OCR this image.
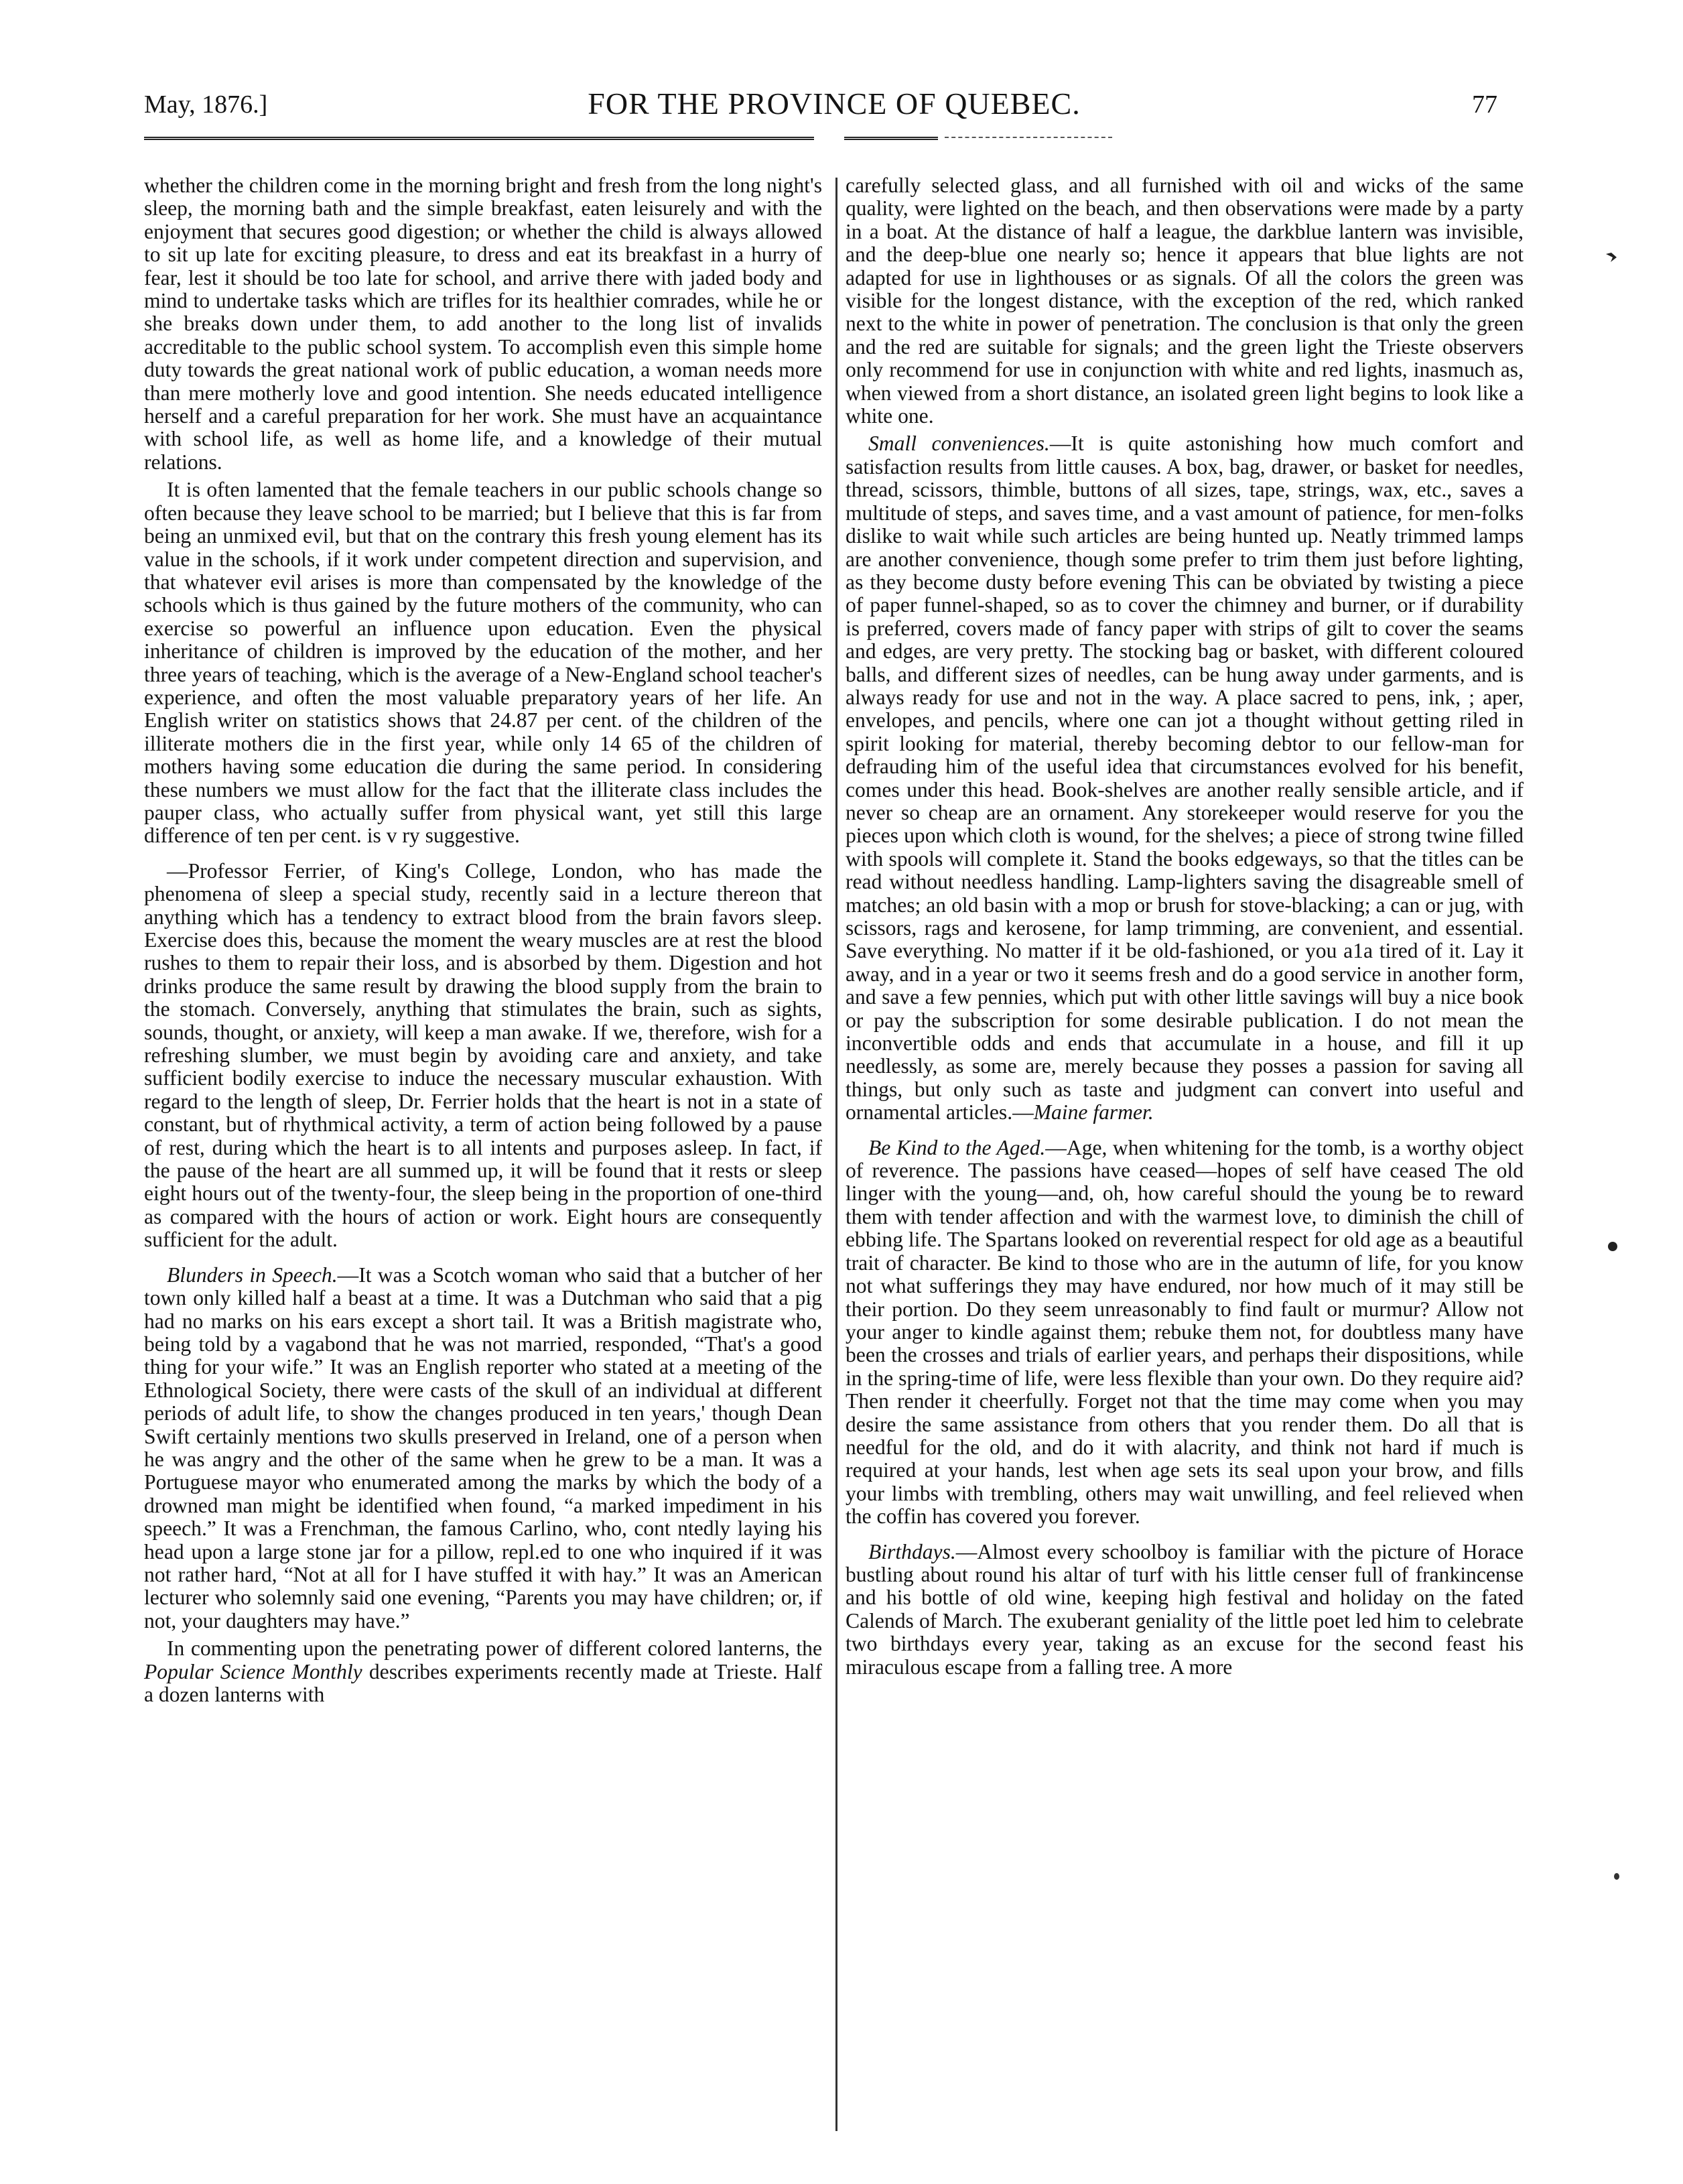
May, 1876.]	FOR THE PROVINCE OF QUEBEC.	77

whether the children come in the morning bright and fresh from the long night's sleep, the morning bath and the simple breakfast, eaten leisurely and with the enjoyment that secures good digestion; or whether the child is always allowed to sit up late for exciting pleasure, to dress and eat its breakfast in a hurry of fear, lest it should be too late for school, and arrive there with jaded body and mind to undertake tasks which are trifles for its healthier comrades, while he or she breaks down under them, to add another to the long list of invalids accreditable to the public school system. To accomplish even this simple home duty towards the great national work of public education, a woman needs more than mere motherly love and good intention. She needs educated intelligence herself and a careful preparation for her work. She must have an acquaintance with school life, as well as home life, and a knowledge of their mutual relations.

It is often lamented that the female teachers in our public schools change so often because they leave school to be married; but I believe that this is far from being an unmixed evil, but that on the contrary this fresh young element has its value in the schools, if it work under competent direction and supervision, and that whatever evil arises is more than compensated by the knowledge of the schools which is thus gained by the future mothers of the community, who can exercise so powerful an influence upon education. Even the physical inheritance of children is improved by the education of the mother, and her three years of teaching, which is the average of a New-England school teacher's experience, and often the most valuable preparatory years of her life. An English writer on statistics shows that 24.87 per cent. of the children of the illiterate mothers die in the first year, while only 14 65 of the children of mothers having some education die during the same period. In considering these numbers we must allow for the fact that the illiterate class includes the pauper class, who actually suffer from physical want, yet still this large difference of ten per cent. is v ry suggestive.

—Professor Ferrier, of King's College, London, who has made the phenomena of sleep a special study, recently said in a lecture thereon that anything which has a tendency to extract blood from the brain favors sleep. Exercise does this, because the moment the weary muscles are at rest the blood rushes to them to repair their loss, and is absorbed by them. Digestion and hot drinks produce the same result by drawing the blood supply from the brain to the stomach. Conversely, anything that stimulates the brain, such as sights, sounds, thought, or anxiety, will keep a man awake. If we, therefore, wish for a refreshing slumber, we must begin by avoiding care and anxiety, and take sufficient bodily exercise to induce the necessary muscular exhaustion. With regard to the length of sleep, Dr. Ferrier holds that the heart is not in a state of constant, but of rhythmical activity, a term of action being followed by a pause of rest, during which the heart is to all intents and purposes asleep. In fact, if the pause of the heart are all summed up, it will be found that it rests or sleep eight hours out of the twenty-four, the sleep being in the proportion of one-third as compared with the hours of action or work. Eight hours are consequently sufficient for the adult.

Blunders in Speech.—It was a Scotch woman who said that a butcher of her town only killed half a beast at a time. It was a Dutchman who said that a pig had no marks on his ears except a short tail. It was a British magistrate who, being told by a vagabond that he was not married, responded, “That's a good thing for your wife.” It was an English reporter who stated at a meeting of the Ethnological Society, there were casts of the skull of an individual at different periods of adult life, to show the changes produced in ten years,' though Dean Swift certainly mentions two skulls preserved in Ireland, one of a person when he was angry and the other of the same when he grew to be a man. It was a Portuguese mayor who enumerated among the marks by which the body of a drowned man might be identified when found, “a marked impediment in his speech.” It was a Frenchman, the famous Carlino, who, cont ntedly laying his head upon a large stone jar for a pillow, repl.ed to one who inquired if it was not rather hard, “Not at all for I have stuffed it with hay.” It was an American lecturer who solemnly said one evening, “Parents you may have children; or, if not, your daughters may have.”

In commenting upon the penetrating power of different colored lanterns, the Popular Science Monthly describes experiments recently made at Trieste. Half a dozen lanterns with

carefully selected glass, and all furnished with oil and wicks of the same quality, were lighted on the beach, and then observations were made by a party in a boat. At the distance of half a league, the darkblue lantern was invisible, and the deep-blue one nearly so; hence it appears that blue lights are not adapted for use in lighthouses or as signals. Of all the colors the green was visible for the longest distance, with the exception of the red, which ranked next to the white in power of penetration. The conclusion is that only the green and the red are suitable for signals; and the green light the Trieste observers only recommend for use in conjunction with white and red lights, inasmuch as, when viewed from a short distance, an isolated green light begins to look like a white one.

Small conveniences.—It is quite astonishing how much comfort and satisfaction results from little causes. A box, bag, drawer, or basket for needles, thread, scissors, thimble, buttons of all sizes, tape, strings, wax, etc., saves a multitude of steps, and saves time, and a vast amount of patience, for men-folks dislike to wait while such articles are being hunted up. Neatly trimmed lamps are another convenience, though some prefer to trim them just before lighting, as they become dusty before evening This can be obviated by twisting a piece of paper funnel-shaped, so as to cover the chimney and burner, or if durability is preferred, covers made of fancy paper with strips of gilt to cover the seams and edges, are very pretty. The stocking bag or basket, with different coloured balls, and different sizes of needles, can be hung away under garments, and is always ready for use and not in the way. A place sacred to pens, ink, ; aper, envelopes, and pencils, where one can jot a thought without getting riled in spirit looking for material, thereby becoming debtor to our fellow-man for defrauding him of the useful idea that circumstances evolved for his benefit, comes under this head. Book-shelves are another really sensible article, and if never so cheap are an ornament. Any storekeeper would reserve for you the pieces upon which cloth is wound, for the shelves; a piece of strong twine filled with spools will complete it. Stand the books edgeways, so that the titles can be read without needless handling. Lamp-lighters saving the disagreable smell of matches; an old basin with a mop or brush for stove-blacking; a can or jug, with scissors, rags and kerosene, for lamp trimming, are convenient, and essential. Save everything. No matter if it be old-fashioned, or you a1a tired of it. Lay it away, and in a year or two it seems fresh and do a good service in another form, and save a few pennies, which put with other little savings will buy a nice book or pay the subscription for some desirable publication. I do not mean the inconvertible odds and ends that accumulate in a house, and fill it up needlessly, as some are, merely because they posses a passion for saving all things, but only such as taste and judgment can convert into useful and ornamental articles.—Maine farmer.

Be Kind to the Aged.—Age, when whitening for the tomb, is a worthy object of reverence. The passions have ceased—hopes of self have ceased The old linger with the young—and, oh, how careful should the young be to reward them with tender affection and with the warmest love, to diminish the chill of ebbing life. The Spartans looked on reverential respect for old age as a beautiful trait of character. Be kind to those who are in the autumn of life, for you know not what sufferings they may have endured, nor how much of it may still be their portion. Do they seem unreasonably to find fault or murmur? Allow not your anger to kindle against them; rebuke them not, for doubtless many have been the crosses and trials of earlier years, and perhaps their dispositions, while in the spring-time of life, were less flexible than your own. Do they require aid? Then render it cheerfully. Forget not that the time may come when you may desire the same assistance from others that you render them. Do all that is needful for the old, and do it with alacrity, and think not hard if much is required at your hands, lest when age sets its seal upon your brow, and fills your limbs with trembling, others may wait unwilling, and feel relieved when the coffin has covered you forever.

Birthdays.—Almost every schoolboy is familiar with the picture of Horace bustling about round his altar of turf with his little censer full of frankincense and his bottle of old wine, keeping high festival and holiday on the fated Calends of March. The exuberant geniality of the little poet led him to celebrate two birthdays every year, taking as an excuse for the second feast his miraculous escape from a falling tree. A more
